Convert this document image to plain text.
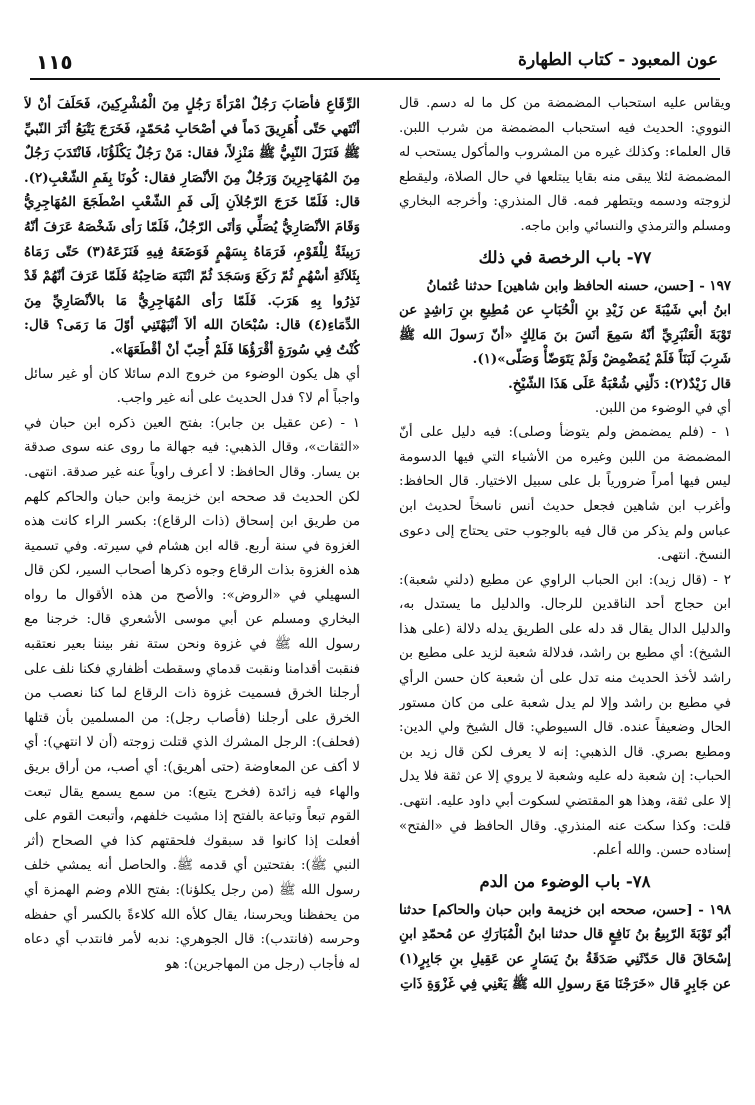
١١٥	عون المعبود - كتاب الطهارة

ويقاس عليه استحباب المضمضة من كل ما له دسم. قال النووي: الحديث فيه استحباب المضمضة من شرب اللبن. قال العلماء: وكذلك غيره من المشروب والمأكول يستحب له المضمضة لئلا يبقى منه بقايا يبتلعها في حال الصلاة، وليقطع لزوجته ودسمه ويتطهر فمه. قال المنذري: وأخرجه البخاري ومسلم والترمذي والنسائي وابن ماجه.

٧٧- باب الرخصة في ذلك

١٩٧ - [حسن، حسنه الحافظ وابن شاهين] حدثنا عُثمانُ

ابنُ أبي شَيْبَةَ عن زَيْدِ بنِ الْحُبَابِ عن مُطِيعِ بنِ رَاشِدٍ عن تَوْبَةَ الْعَنْبَرِيِّ أنّهُ سَمِعَ أنَسَ بنَ مَالِكٍ «أنّ رَسولَ الله ﷺ شَرِبَ لَبَنَاً فَلَمْ يُمَضْمِضْ وَلَمْ يَتَوَضّأْ وَصَلّى»(١).

قال زَيْدٌ(٢): دَلّنِي شُعْبَةُ عَلَى هَذَا الشّيْخِ.

أي في الوضوء من اللبن.

١ - (فلم يمضمض ولم يتوضأ وصلى): فيه دليل على أنّ المضمضة من اللبن وغيره من الأشياء التي فيها الدسومة ليس فيها أمراً ضرورياً بل على سبيل الاختيار. قال الحافظ: وأغرب ابن شاهين فجعل حديث أنس ناسخاً لحديث ابن عباس ولم يذكر من قال فيه بالوجوب حتى يحتاج إلى دعوى النسخ. انتهى.

٢ - (قال زيد): ابن الحباب الراوي عن مطيع (دلني شعبة): ابن حجاج أحد الناقدين للرجال. والدليل ما يستدل به، والدليل الدال يقال قد دله على الطريق يدله دلالة (على هذا الشيخ): أي مطيع بن راشد، فدلالة شعبة لزيد على مطيع بن راشد لأخذ الحديث منه تدل على أن شعبة كان حسن الرأي في مطيع بن راشد وإلا لم يدل شعبة على من كان مستور الحال وضعيفاً عنده. قال السيوطي: قال الشيخ ولي الدين: ومطيع بصري. قال الذهبي: إنه لا يعرف لكن قال زيد بن الحباب: إن شعبة دله عليه وشعبة لا يروي إلا عن ثقة فلا يدل إلا على ثقة، وهذا هو المقتضي لسكوت أبي داود عليه. انتهى. قلت: وكذا سكت عنه المنذري. وقال الحافظ في «الفتح» إسناده حسن. والله أعلم.

٧٨- باب الوضوء من الدم

١٩٨ - [حسن، صححه ابن خزيمة وابن حبان والحاكم] حدثنا أبُو تَوْبَةَ الرّبِيعُ بنُ نَافِعٍ قال حدثنا ابنُ الْمُبَارَكِ عن مُحمّدِ ابنِ إسْحَاقَ قال حَدّثَنِي صَدَقَةُ بنُ يَسَارٍ عن عَقِيلِ بنِ جَابِرٍ(١) عن جَابِرٍ قال «خَرَجْنَا مَعَ رسولِ الله ﷺ يَعْنِي فِي غَزْوَةِ ذَاتِ

الرِّقَاعِ فأصَابَ رَجُلٌ امْرَأةَ رَجُلٍ مِنَ الْمُشْرِكِينَ، فَحَلَفَ أنْ لاَ أنْتَهي حَتّى أُهَرِيقَ دَماً في أصْحَابِ مُحَمّدٍ، فَخَرَجَ يَتْبَعُ أثَرَ النّبيِّ ﷺ فَنَزَلَ النّبِيُّ ﷺ مَنْزِلاً، فقال: مَنْ رَجُلٌ يَكْلَؤُنَا، فَانْتَدَبَ رَجُلٌ مِنَ المُهَاجِرِينَ وَرَجُلٌ مِنَ الأنْصَارِ فقال: كُونَا بِفَمِ الشّعْبِ(٢). قال: فَلَمّا خَرَجَ الرّجُلاَنِ إلَى فَمِ الشّعْبِ اضْطَجَعَ المُهَاجِرِيُّ وَقَامَ الأنْصَارِيُّ يُصَلِّي وَأتَى الرّجُلُ، فَلَمّا رَأى شَخْصَهُ عَرَفَ أنّهُ رَبِيئَةٌ لِلْقَوْمِ، فَرَمَاهُ بِسَهْمٍ فَوَضَعَهُ فِيهِ فَنَزَعَهُ(٣) حَتّى رَمَاهُ بِثَلاَثَةِ أسْهُمٍ ثُمّ رَكَعَ وَسَجَدَ ثُمّ انْتَبَهَ صَاحِبُهُ فَلَمّا عَرَفَ أنّهُمْ قَدْ نَذِرُوا بِهِ هَرَبَ. فَلَمّا رَأى المُهَاجِرِيُّ مَا بالأنْصَارِيِّ مِنَ الدِّمَاءِ(٤) قال: سُبْحَانَ الله ألاَ أنْبَهْتَنِي أوّلَ مَا رَمَى؟ قال: كُنْتُ فِي سُورَةٍ أقْرَؤُهَا فَلَمْ أُحِبّ أنْ أقْطَعَهَا».

أي هل يكون الوضوء من خروج الدم سائلا كان أو غير سائل واجباً أم لا؟ فدل الحديث على أنه غير واجب.

١ - (عن عقيل بن جابر): بفتح العين ذكره ابن حبان في «الثقات»، وقال الذهبي: فيه جهالة ما روى عنه سوى صدقة بن يسار. وقال الحافظ: لا أعرف راوياً عنه غير صدقة. انتهى. لكن الحديث قد صححه ابن خزيمة وابن حبان والحاكم كلهم من طريق ابن إسحاق (ذات الرقاع): بكسر الراء كانت هذه الغزوة في سنة أربع. قاله ابن هشام في سيرته. وفي تسمية هذه الغزوة بذات الرقاع وجوه ذكرها أصحاب السير، لكن قال السهيلي في «الروض»: والأصح من هذه الأقوال ما رواه البخاري ومسلم عن أبي موسى الأشعري قال: خرجنا مع رسول الله ﷺ في غزوة ونحن ستة نفر بيننا بعير نعتقبه فنقبت أقدامنا ونقبت قدماي وسقطت أظفاري فكنا نلف على أرجلنا الخرق فسميت غزوة ذات الرقاع لما كنا نعصب من الخرق على أرجلنا (فأصاب رجل): من المسلمين بأن قتلها (فحلف): الرجل المشرك الذي قتلت زوجته (أن لا انتهي): أي لا أكف عن المعاوضة (حتى أهريق): أي أصب، من أراق بريق والهاء فيه زائدة (فخرج يتبع): من سمع يسمع يقال تبعت القوم تبعاً وتباعة بالفتح إذا مشيت خلفهم، وأتبعت القوم على أفعلت إذا كانوا قد سبقوك فلحقتهم كذا في الصحاح (أثر النبي ﷺ): بفتحتين أي قدمه ﷺ. والحاصل أنه يمشي خلف رسول الله ﷺ (من رجل يكلؤنا): بفتح اللام وضم الهمزة أي من يحفظنا ويحرسنا، يقال كلأه الله كلاءةً بالكسر أي حفظه وحرسه (فانتدب): قال الجوهري: ندبه لأمر فانتدب أي دعاه له فأجاب (رجل من المهاجرين): هو
